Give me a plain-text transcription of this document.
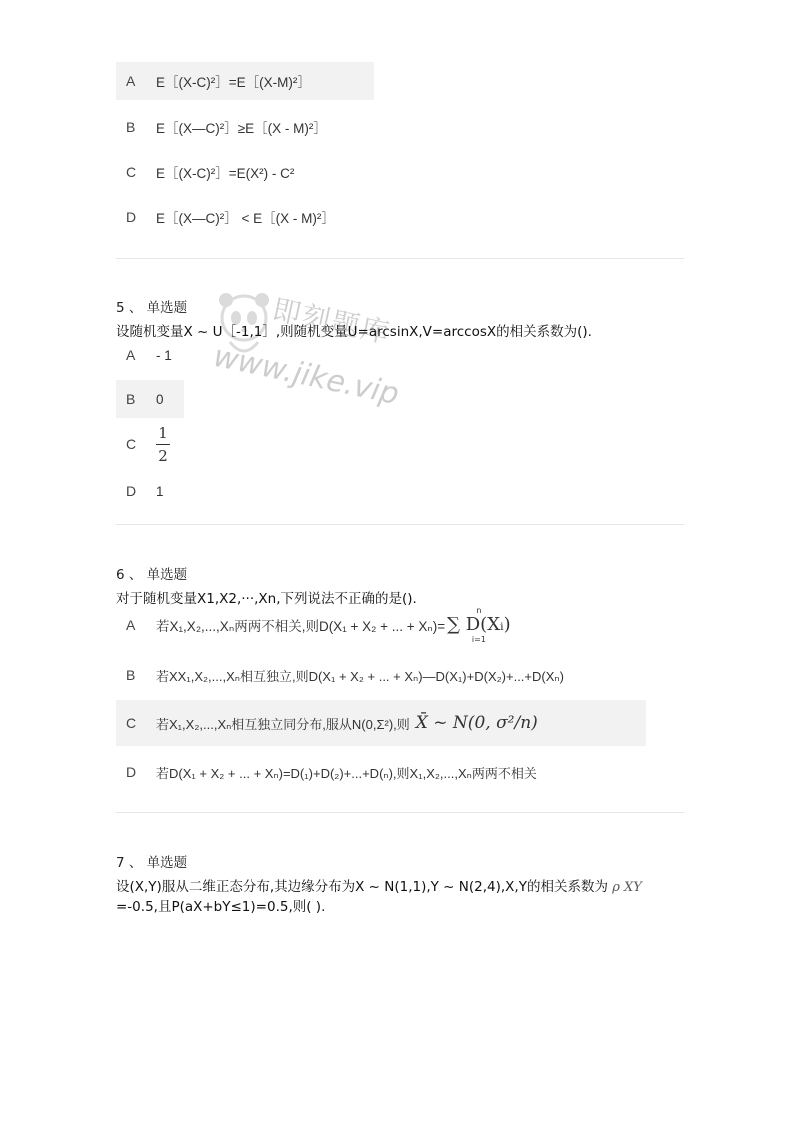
A	E［(X-C)²］=E［(X-M)²］
B	E［(X—C)²］≥E［(X - M)²］
C	E［(X-C)²］=E(X²) - C²
D	E［(X—C)²］ < E［(X - M)²］
即刻题库
www.jike.vip
5 、 单选题
设随机变量X ~ U［-1,1］,则随机变量U=arcsinX,V=arccosX的相关系数为().
A	- 1
B	0
C	$\frac{1}{2}$
D	1
6 、 单选题
对于随机变量X1,X2,···,Xn,下列说法不正确的是().
A	若X₁,X₂,...,Xₙ两两不相关,则D(X₁ + X₂ + ... + Xₙ)=
n
∑ D(Xᵢ)
i=1
B	若XX₁,X₂,...,Xₙ相互独立,则D(X₁ + X₂ + ... + Xₙ)—D(X₁)+D(X₂)+...+D(Xₙ)
C	若X₁,X₂,...,Xₙ相互独立同分布,服从N(0,Σ²),则 X̄ ~ N(0, σ²/n)
D	若D(X₁ + X₂ + ... + Xₙ)=D(₁)+D(₂)+...+D(ₙ),则X₁,X₂,...,Xₙ两两不相关
7 、 单选题
设(X,Y)服从二维正态分布,其边缘分布为X ~ N(1,1),Y ~ N(2,4),X,Y的相关系数为 ρ XY
=-0.5,且P(aX+bY≤1)=0.5,则( ).
